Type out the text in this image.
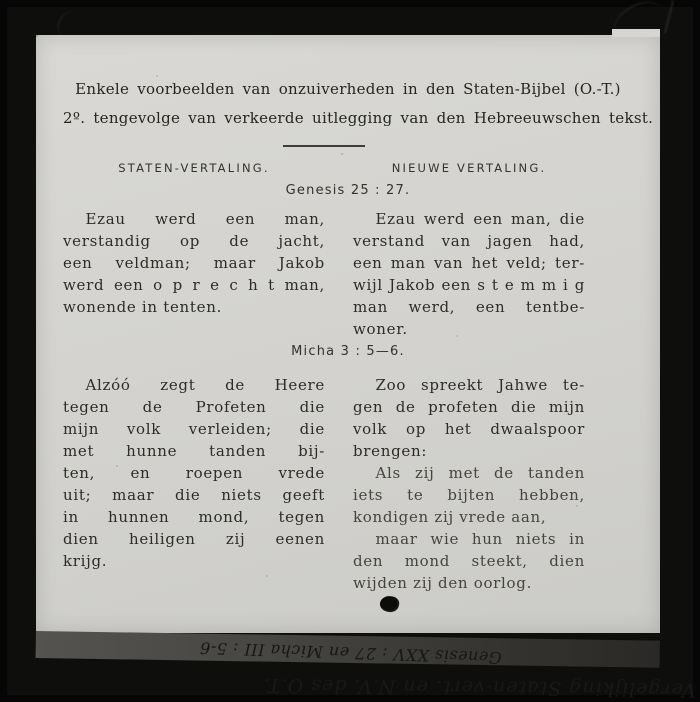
Enkele voorbeelden van onzuiverheden in den Staten-Bijbel (O.-T.)
2º. tengevolge van verkeerde uitlegging van den Hebreeuwschen tekst.
STATEN-VERTALING.	NIEUWE VERTALING.
Genesis 25 : 27.
Ezau werd een man,
verstandig op de jacht,
een veldman; maar Jakob
werd een o p r e c h t man,
wonende in tenten.
Ezau werd een man, die
verstand van jagen had,
een man van het veld; ter-
wijl Jakob een s t e m m i g
man werd, een tentbe-
woner.
Micha 3 : 5—6.
Alzóó zegt de Heere
tegen de Profeten die
mijn volk verleiden; die
met hunne tanden bij-
ten, en roepen vrede
uit; maar die niets geeft
in hunnen mond, tegen
dien heiligen zij eenen
krijg.
Zoo spreekt Jahwe te-
gen de profeten die mijn
volk op het dwaalspoor
brengen:
Als zij met de tanden
iets te bijten hebben,
kondigen zij vrede aan,
maar wie hun niets in
den mond steekt, dien
wijden zij den oorlog.
Genesis XXV : 27 en Micha III : 5-6
Vergelijking Staten-vert. en N.V. des O.T.
